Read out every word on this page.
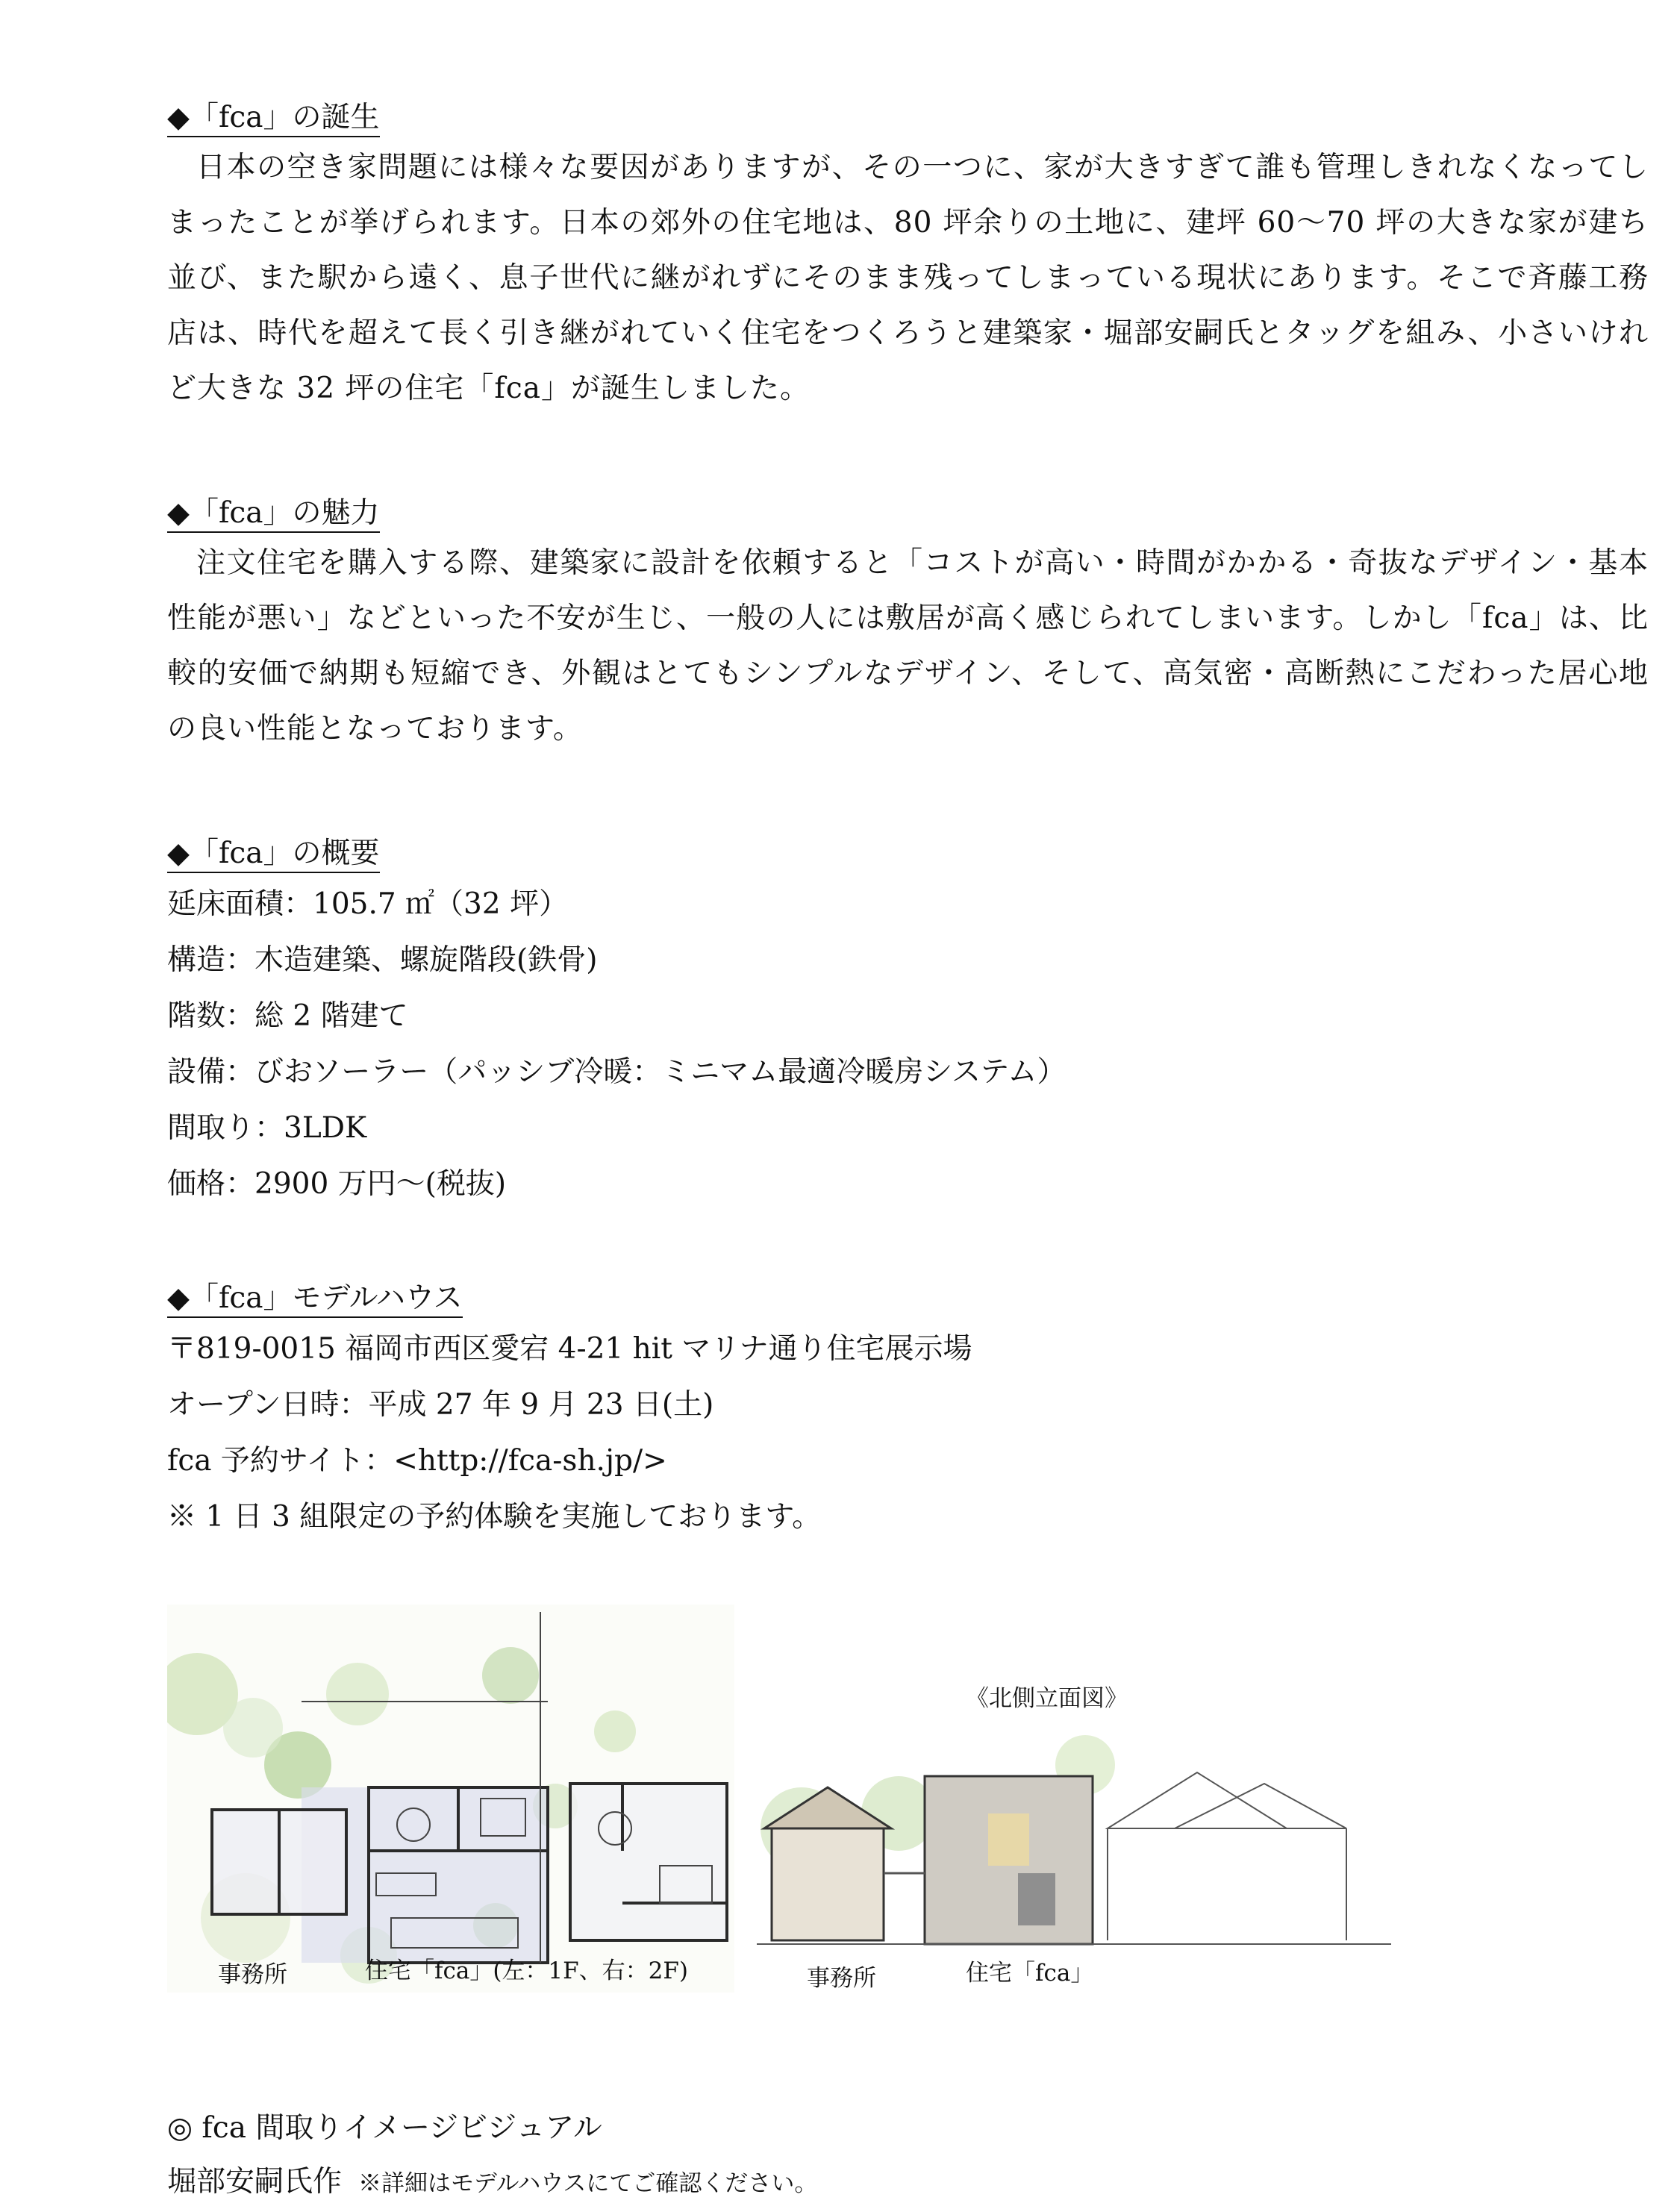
◆「fca」の誕生

日本の空き家問題には様々な要因がありますが、その一つに、家が大きすぎて誰も管理しきれなくなってしまったことが挙げられます。日本の郊外の住宅地は、80 坪余りの土地に、建坪 60〜70 坪の大きな家が建ち並び、また駅から遠く、息子世代に継がれずにそのまま残ってしまっている現状にあります。そこで斉藤工務店は、時代を超えて長く引き継がれていく住宅をつくろうと建築家・堀部安嗣氏とタッグを組み、小さいけれど大きな 32 坪の住宅「fca」が誕生しました。

◆「fca」の魅力

注文住宅を購入する際、建築家に設計を依頼すると「コストが高い・時間がかかる・奇抜なデザイン・基本性能が悪い」などといった不安が生じ、一般の人には敷居が高く感じられてしまいます。しかし「fca」は、比較的安価で納期も短縮でき、外観はとてもシンプルなデザイン、そして、高気密・高断熱にこだわった居心地の良い性能となっております。

◆「fca」の概要

延床面積：105.7 ㎡（32 坪）

構造：木造建築、螺旋階段(鉄骨)

階数：総 2 階建て

設備：びおソーラー（パッシブ冷暖：ミニマム最適冷暖房システム）

間取り：3LDK

価格：2900 万円〜(税抜)

◆「fca」モデルハウス

〒819-0015 福岡市西区愛宕 4-21 hit マリナ通り住宅展示場

オープン日時：平成 27 年 9 月 23 日(土)

fca 予約サイト：<http://fca-sh.jp/>

※ 1 日 3 組限定の予約体験を実施しております。

事務所	住宅「fca」(左：1F、右：2F)
《北側立面図》
事務所	住宅「fca」
◎ fca 間取りイメージビジュアル
堀部安嗣氏作 ※詳細はモデルハウスにてご確認ください。
